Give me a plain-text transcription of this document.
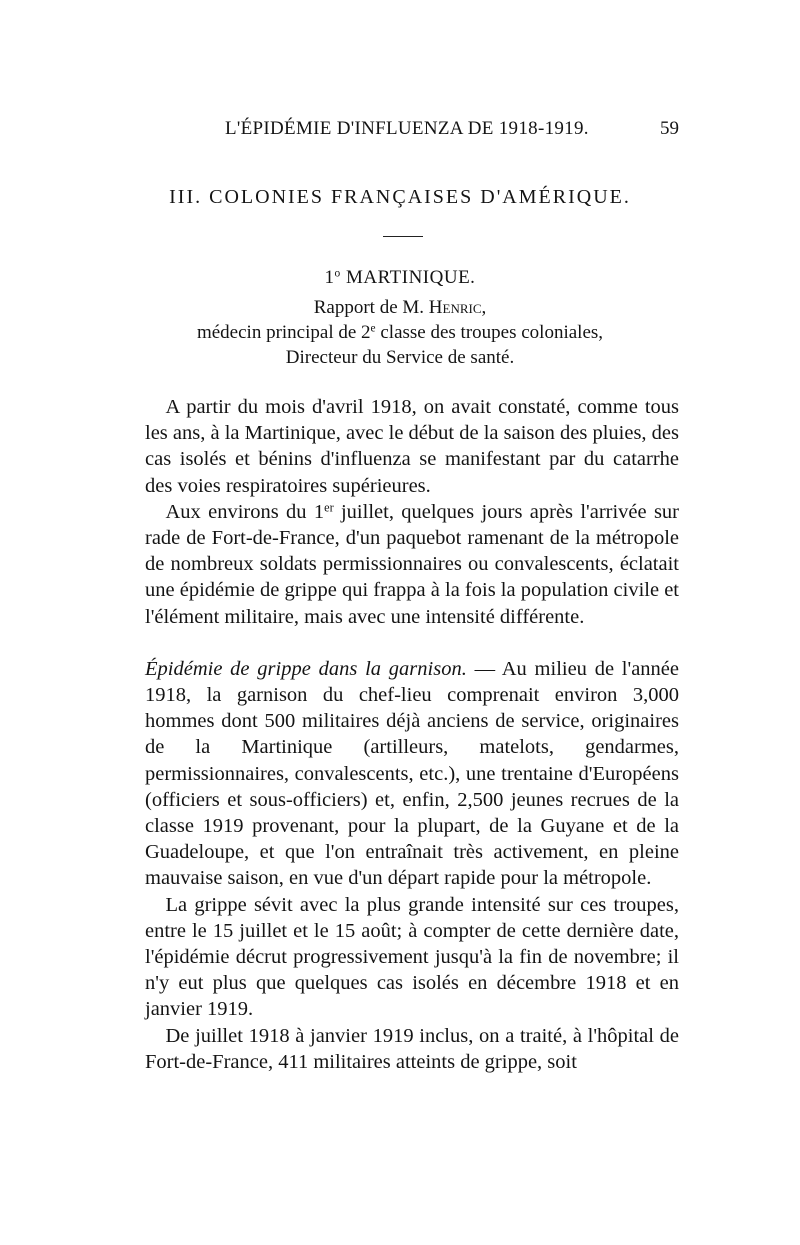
L'ÉPIDÉMIE D'INFLUENZA DE 1918-1919.	59
III. COLONIES FRANÇAISES D'AMÉRIQUE.
1$^o$ MARTINIQUE.
Rapport de M. Henric,
médecin principal de 2e classe des troupes coloniales,
Directeur du Service de santé.

A partir du mois d'avril 1918, on avait constaté, comme tous les ans, à la Martinique, avec le début de la saison des pluies, des cas isolés et bénins d'influenza se manifestant par du catarrhe des voies respiratoires supérieures.

Aux environs du 1er juillet, quelques jours après l'arrivée sur rade de Fort-de-France, d'un paquebot ramenant de la métropole de nombreux soldats permissionnaires ou convalescents, éclatait une épidémie de grippe qui frappa à la fois la population civile et l'élément militaire, mais avec une intensité différente.

Épidémie de grippe dans la garnison. — Au milieu de l'année 1918, la garnison du chef-lieu comprenait environ 3,000 hommes dont 500 militaires déjà anciens de service, originaires de la Martinique (artilleurs, matelots, gendarmes, permissionnaires, convalescents, etc.), une trentaine d'Européens (officiers et sous-officiers) et, enfin, 2,500 jeunes recrues de la classe 1919 provenant, pour la plupart, de la Guyane et de la Guadeloupe, et que l'on entraînait très activement, en pleine mauvaise saison, en vue d'un départ rapide pour la métropole.

La grippe sévit avec la plus grande intensité sur ces troupes, entre le 15 juillet et le 15 août; à compter de cette dernière date, l'épidémie décrut progressivement jusqu'à la fin de novembre; il n'y eut plus que quelques cas isolés en décembre 1918 et en janvier 1919.

De juillet 1918 à janvier 1919 inclus, on a traité, à l'hôpital de Fort-de-France, 411 militaires atteints de grippe, soit
